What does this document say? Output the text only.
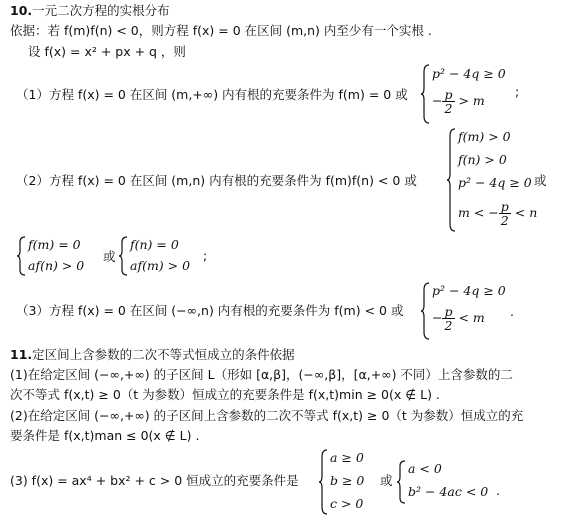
10.一元二次方程的实根分布
依据：若 f(m)f(n) < 0，则方程 f(x) = 0 在区间 (m,n) 内至少有一个实根 .
设 f(x) = x² + px + q ，则
（1）方程 f(x) = 0 在区间 (m,+∞) 内有根的充要条件为 f(m) = 0 或
p² − 4q ≥ 0
− $\frac{p}{2} > m$
;
（2）方程 f(x) = 0 在区间 (m,n) 内有根的充要条件为 f(m)f(n) < 0 或
f(m) > 0
f(n) > 0
p² − 4q ≥ 0
m < − $\frac{p}{2} < n$
或
f(m) = 0
af(n) > 0
或
f(n) = 0
af(m) > 0
;
（3）方程 f(x) = 0 在区间 (−∞,n) 内有根的充要条件为 f(m) < 0 或
p² − 4q ≥ 0
− $\frac{p}{2} < m$ .
11.定区间上含参数的二次不等式恒成立的条件依据
(1)在给定区间 (−∞,+∞) 的子区间 L（形如 [α,β]，(−∞,β]，[α,+∞) 不同）上含参数的二
次不等式 f(x,t) ≥ 0（t 为参数）恒成立的充要条件是 f(x,t)min ≥ 0(x ∉ L) .
(2)在给定区间 (−∞,+∞) 的子区间上含参数的二次不等式 f(x,t) ≥ 0（t 为参数）恒成立的充
要条件是 f(x,t)man ≤ 0(x ∉ L) .
(3) f(x) = ax⁴ + bx² + c > 0 恒成立的充要条件是
a ≥ 0
b ≥ 0
c > 0
或
a < 0
b² − 4ac < 0 .
